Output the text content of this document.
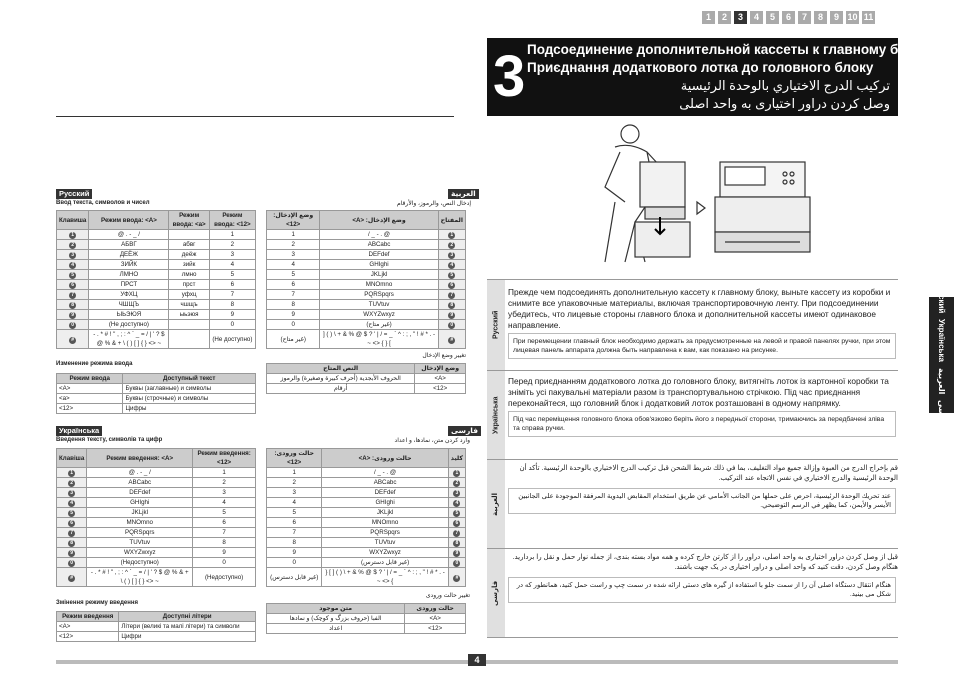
1	2	3	4	5	6	7	8	9 10 11
3 Подсоединение дополнительной кассеты к главному блоку
Приєднання додаткового лотка до головного блоку
تركيب الدرج الاختياري بالوحدة الرئيسية
وصل کردن دراور اختیاری به واحد اصلی
Русский
Ввод текста, символов и чисел
Клавиша	Режим ввода: <A>	Режим ввода: <a>	Режим ввода: <12>
1	@ . - _ /		1
2	АБВГ	абвг	2
3	ДЕЁЖ	деёж	3
4	ЗИЙК	зийк	4
5	ЛМНО	лмно	5
6	ПРСТ	прст	6
7	УФХЦ	уфхц	7
8	ЧШЩЪ	чшщъ	8
9	ЫЬЭЮЯ	ыьэюя	9
0	(Не доступно)		0
#	- . * # ! " , ; : ^ ` _ = / | ' ? $ @ % & + \ ( ) [ ] { } <> ~		(Не доступно)
Изменение режима ввода
Режим ввода	Доступный текст
<A>	Буквы (заглавные) и символы
<a>	Буквы (строчные) и символы
<12>	Цифры
العربية
إدخال النص، والرموز، والأرقام
وضع الإدخال: <12>	وضع الإدخال: <A>	المفتاح
1	@ . - _ /	1
2	ABCabc	2
3	DEFdef	3
4	GHIghi	4
5	JKLjkl	5
6	MNOmno	6
7	PQRSpqrs	7
8	TUVtuv	8
9	WXYZwxyz	9
0	(غير متاح)	0
(غير متاح)	- . * # ! " , ; : ^ ` _ = / | ' ? $ @ % & + \ ( ) [ ] { } <> ~	#
تغيير وضع الإدخال
النص المتاح	وضع الإدخال
الحروف الأبجدية (أحرف كبيرة وصغيرة) والرموز	<A>
أرقام	<12>
Українська
Введення тексту, символів та цифр
Клавіша	Режим введення: <A>	Режим введення: <12>
1	@ . - _ /	1
2	ABCabc	2
3	DEFdef	3
4	GHIghi	4
5	JKLjkl	5
6	MNOmno	6
7	PQRSpqrs	7
8	TUVtuv	8
9	WXYZwxyz	9
0	(Недоступно)	0
#	- . * # ! " , ; : ^ ` _ = / | ' ? $ @ % & + \ ( ) [ ] { } <> ~	(Недоступно)
Змінення режиму введення
Режим введення	Доступні літери
<A>	Літери (великі та малі літери) та символи
<12>	Цифри
فارسی
وارد کردن متن، نمادها، و اعداد
حالت ورودی: <12>	حالت ورودی: <A>	کلید
1	@ . - _ /	1
2	ABCabc	2
3	DEFdef	3
4	GHIghi	4
5	JKLjkl	5
6	MNOmno	6
7	PQRSpqrs	7
8	TUVtuv	8
9	WXYZwxyz	9
0	(غیر قابل دسترس)	0
(غیر قابل دسترس)	- . * # ! " , ; : ^ ` _ = / | ' ? $ @ % & + \ ( ) [ ] { } <> ~	#
تغییر حالت ورودی
متن موجود	حالت ورودی
الفبا (حروف بزرگ و کوچک) و نمادها	<A>
اعداد	<12>
Русский
Прежде чем подсоединять дополнительную кассету к главному блоку, выньте кассету из коробки и снимите все упаковочные материалы, включая транспортировочную ленту. При подсоединении убедитесь, что лицевые стороны главного блока и дополнительной кассеты имеют одинаковое направление.
При перемещении главный блок необходимо держать за предусмотренные на левой и правой панелях ручки, при этом лицевая панель аппарата должна быть направлена к вам, как показано на рисунке.
Українська
Перед приєднанням додаткового лотка до головного блоку, витягніть лоток із картонної коробки та зніміть усі пакувальні матеріали разом із транспортувальною стрічкою. Під час приєднання переконайтеся, що головний блок і додатковий лоток розташовані в одному напрямку.
Під час переміщення головного блока обов'язково беріть його з передньої сторони, тримаючись за передбачені зліва та справа ручки.
العربية
قم بإخراج الدرج من العبوة وإزالة جميع مواد التغليف، بما في ذلك شريط الشحن قبل تركيب الدرج الاختياري بالوحدة الرئيسية. تأكد أن الوحدة الرئيسية والدرج الاختياري في نفس الاتجاه عند التركيب.
عند تحريك الوحدة الرئيسية، احرص على حملها من الجانب الأمامي عن طريق استخدام المقابض اليدوية المرفقة الموجودة على الجانبين الأيسر والأيمن، كما يظهر في الرسم التوضيحي.
فارسی
قبل از وصل کردن دراور اختیاری به واحد اصلی، دراور را از کارتن خارج کرده و همه مواد بسته بندی، از جمله نوار حمل و نقل را بردارید. هنگام وصل کردن، دقت کنید که واحد اصلی و دراور اختیاری در یک جهت باشند.
هنگام انتقال دستگاه اصلی آن را از سمت جلو با استفاده از گیره های دستی ارائه شده در سمت چپ و راست حمل کنید، همانطور که در شکل می بینید.
Русский
Українська
العربية
فارسی
4
